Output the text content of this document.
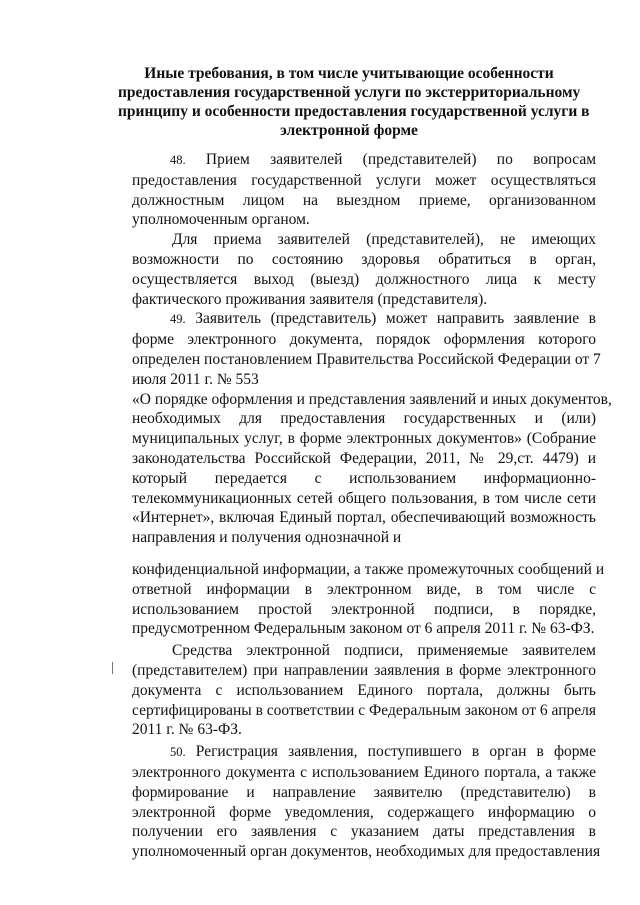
Иные требования, в том числе учитывающие особенности
предоставления государственной услуги по экстерриториальному
принципу и особенности предоставления государственной услуги в
электронной форме
48. Прием заявителей (представителей) по вопросам
предоставления государственной услуги может осуществляться
должностным лицом на выездном приеме, организованном
уполномоченным органом.
Для приема заявителей (представителей), не имеющих
возможности по состоянию здоровья обратиться в орган,
осуществляется выход (выезд) должностного лица к месту
фактического проживания заявителя (представителя).
49. Заявитель (представитель) может направить заявление в
форме электронного документа, порядок оформления которого
определен постановлением Правительства Российской Федерации от 7
июля 2011 г. № 553
«О порядке оформления и представления заявлений и иных документов,
необходимых для предоставления государственных и (или)
муниципальных услуг, в форме электронных документов» (Собрание
законодательства Российской Федерации, 2011, № 29,ст. 4479) и
который передается с использованием информационно-
телекоммуникационных сетей общего пользования, в том числе сети
«Интернет», включая Единый портал, обеспечивающий возможность
направления и получения однозначной и
конфиденциальной информации, а также промежуточных сообщений и
ответной информации в электронном виде, в том числе с
использованием простой электронной подписи, в порядке,
предусмотренном Федеральным законом от 6 апреля 2011 г. № 63-ФЗ.
Средства электронной подписи, применяемые заявителем
(представителем) при направлении заявления в форме электронного
документа с использованием Единого портала, должны быть
сертифицированы в соответствии с Федеральным законом от 6 апреля
2011 г. № 63-ФЗ.
50. Регистрация заявления, поступившего в орган в форме
электронного документа с использованием Единого портала, а также
формирование и направление заявителю (представителю) в
электронной форме уведомления, содержащего информацию о
получении его заявления с указанием даты представления в
уполномоченный орган документов, необходимых для предоставления
